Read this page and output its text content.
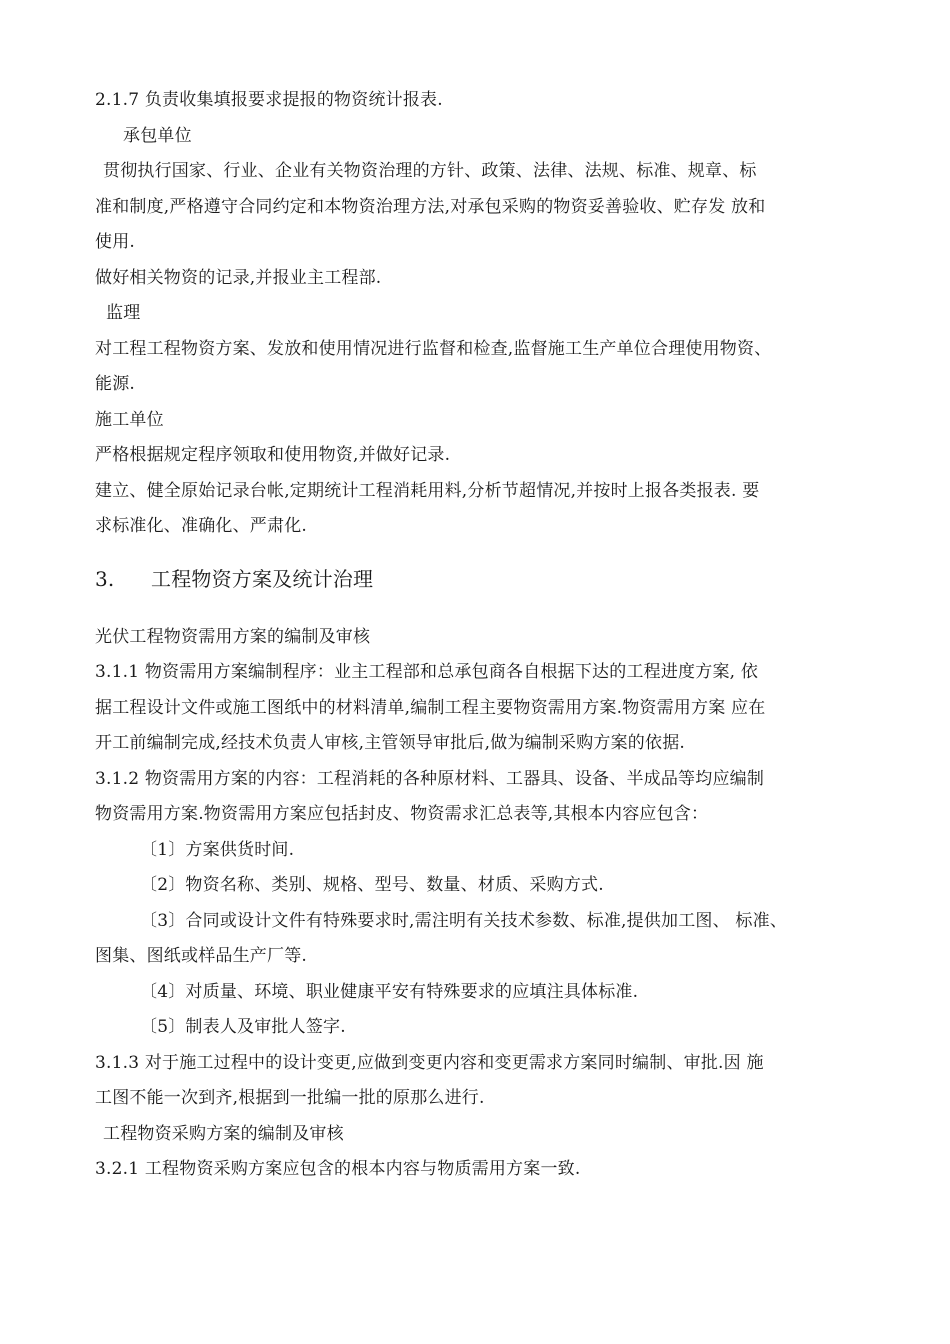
2.1.7 负责收集填报要求提报的物资统计报表.
承包单位
贯彻执行国家、行业、企业有关物资治理的方针、政策、法律、法规、标准、规章、标
准和制度,严格遵守合同约定和本物资治理方法,对承包采购的物资妥善验收、贮存发 放和
使用.
做好相关物资的记录,并报业主工程部.
监理
对工程工程物资方案、发放和使用情况进行监督和检查,监督施工生产单位合理使用物资、
能源.
施工单位
严格根据规定程序领取和使用物资,并做好记录.
建立、健全原始记录台帐,定期统计工程消耗用料,分析节超情况,并按时上报各类报表. 要
求标准化、准确化、严肃化.
3. 工程物资方案及统计治理
光伏工程物资需用方案的编制及审核
3.1.1 物资需用方案编制程序：业主工程部和总承包商各自根据下达的工程进度方案, 依
据工程设计文件或施工图纸中的材料清单,编制工程主要物资需用方案.物资需用方案 应在
开工前编制完成,经技术负责人审核,主管领导审批后,做为编制采购方案的依据.
3.1.2 物资需用方案的内容：工程消耗的各种原材料、工器具、设备、半成品等均应编制
物资需用方案.物资需用方案应包括封皮、物资需求汇总表等,其根本内容应包含：
〔1〕方案供货时间.
〔2〕物资名称、类别、规格、型号、数量、材质、采购方式.
〔3〕合同或设计文件有特殊要求时,需注明有关技术参数、标准,提供加工图、 标准、
图集、图纸或样品生产厂等.
〔4〕对质量、环境、职业健康平安有特殊要求的应填注具体标准.
〔5〕制表人及审批人签字.
3.1.3 对于施工过程中的设计变更,应做到变更内容和变更需求方案同时编制、审批.因 施
工图不能一次到齐,根据到一批编一批的原那么进行.
工程物资采购方案的编制及审核
3.2.1 工程物资采购方案应包含的根本内容与物质需用方案一致.
